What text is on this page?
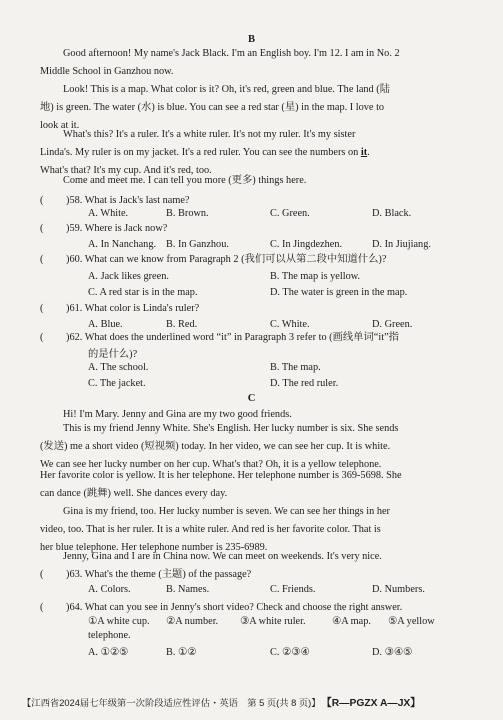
B
Good afternoon! My name's Jack Black. I'm an English boy. I'm 12. I am in No. 2
Middle School in Ganzhou now.
Look! This is a map. What color is it? Oh, it's red, green and blue. The land (陆
地) is green. The water (水) is blue. You can see a red star (星) in the map. I love to
look at it.
What's this? It's a ruler. It's a white ruler. It's not my ruler. It's my sister
Linda's. My ruler is on my jacket. It's a red ruler. You can see the numbers on it.
What's that? It's my cup. And it's red, too.
Come and meet me. I can tell you more (更多) things here.
( )58. What is Jack's last name?
A. White.	B. Brown.	C. Green.	D. Black.
( )59. Where is Jack now?
A. In Nanchang. B. In Ganzhou.	C. In Jingdezhen.	D. In Jiujiang.
( )60. What can we know from Paragraph 2 (我们可以从第二段中知道什么)?
A. Jack likes green.	B. The map is yellow.
C. A red star is in the map.	D. The water is green in the map.
( )61. What color is Linda's ruler?
A. Blue.	B. Red.	C. White.	D. Green.
( )62. What does the underlined word “it” in Paragraph 3 refer to (画线单词“it”指
的是什么)?
A. The school.	B. The map.
C. The jacket.	D. The red ruler.
C
Hi! I'm Mary. Jenny and Gina are my two good friends.
This is my friend Jenny White. She's English. Her lucky number is six. She sends
(发送) me a short video (短视频) today. In her video, we can see her cup. It is white.
We can see her lucky number on her cup. What's that? Oh, it is a yellow telephone.
Her favorite color is yellow. It is her telephone. Her telephone number is 369-5698. She
can dance (跳舞) well. She dances every day.
Gina is my friend, too. Her lucky number is seven. We can see her things in her
video, too. That is her ruler. It is a white ruler. And red is her favorite color. That is
her blue telephone. Her telephone number is 235-6989.
Jenny, Gina and I are in China now. We can meet on weekends. It's very nice.
( )63. What's the theme (主题) of the passage?
A. Colors.	B. Names.	C. Friends.	D. Numbers.
( )64. What can you see in Jenny's short video? Check and choose the right answer.
①A white cup. ②A number. ③A white ruler.	④A map. ⑤A yellow
telephone.
A. ①②⑤	B. ①②	C. ②③④	D. ③④⑤
【江西省2024届七年级第一次阶段适应性评估・英语　第 5 页(共 8 页)】 【R—PGZX A—JX】
